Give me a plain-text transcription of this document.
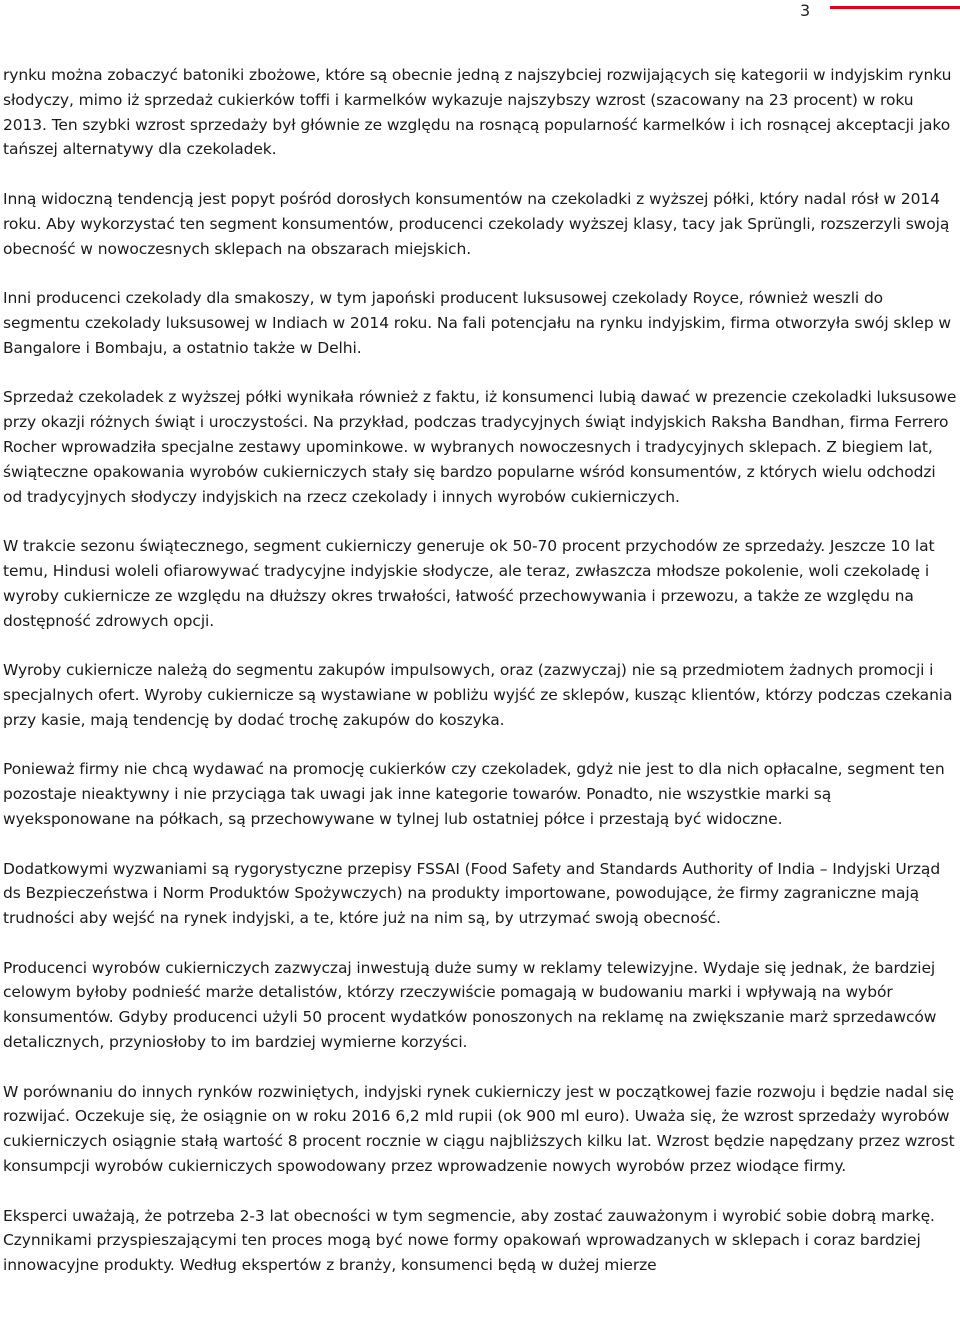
3

rynku można zobaczyć batoniki zbożowe, które są obecnie jedną z najszybciej rozwijających się kategorii w indyjskim rynku słodyczy, mimo iż sprzedaż cukierków toffi i karmelków wykazuje najszybszy wzrost (szacowany na 23 procent) w roku 2013. Ten szybki wzrost sprzedaży był głównie ze względu na rosnącą popularność karmelków i ich rosnącej akceptacji jako tańszej alternatywy dla czekoladek.

Inną widoczną tendencją jest popyt pośród dorosłych konsumentów na czekoladki z wyższej półki, który nadal rósł w 2014 roku. Aby wykorzystać ten segment konsumentów, producenci czekolady wyższej klasy, tacy jak Sprüngli, rozszerzyli swoją obecność w nowoczesnych sklepach na obszarach miejskich.

Inni producenci czekolady dla smakoszy, w tym japoński producent luksusowej czekolady Royce, również weszli do segmentu czekolady luksusowej w Indiach w 2014 roku. Na fali potencjału na rynku indyjskim, firma otworzyła swój sklep w Bangalore i Bombaju, a ostatnio także w Delhi.

Sprzedaż czekoladek z wyższej półki wynikała również z faktu, iż konsumenci lubią dawać w prezencie czekoladki luksusowe przy okazji różnych świąt i uroczystości. Na przykład, podczas tradycyjnych świąt indyjskich Raksha Bandhan, firma Ferrero Rocher wprowadziła specjalne zestawy upominkowe. w wybranych nowoczesnych i tradycyjnych sklepach. Z biegiem lat, świąteczne opakowania wyrobów cukierniczych stały się bardzo popularne wśród konsumentów, z których wielu odchodzi od tradycyjnych słodyczy indyjskich na rzecz czekolady i innych wyrobów cukierniczych.

W trakcie sezonu świątecznego, segment cukierniczy generuje ok 50-70 procent przychodów ze sprzedaży. Jeszcze 10 lat temu, Hindusi woleli ofiarowywać tradycyjne indyjskie słodycze, ale teraz, zwłaszcza młodsze pokolenie, woli czekoladę i wyroby cukiernicze ze względu na dłuższy okres trwałości, łatwość przechowywania i przewozu, a także ze względu na dostępność zdrowych opcji.

Wyroby cukiernicze należą do segmentu zakupów impulsowych, oraz (zazwyczaj) nie są przedmiotem żadnych promocji i specjalnych ofert. Wyroby cukiernicze są wystawiane w pobliżu wyjść ze sklepów, kusząc klientów, którzy podczas czekania przy kasie, mają tendencję by dodać trochę zakupów do koszyka.

Ponieważ firmy nie chcą wydawać na promocję cukierków czy czekoladek, gdyż nie jest to dla nich opłacalne, segment ten pozostaje nieaktywny i nie przyciąga tak uwagi jak inne kategorie towarów. Ponadto, nie wszystkie marki są wyeksponowane na półkach, są przechowywane w tylnej lub ostatniej półce i przestają być widoczne.

Dodatkowymi wyzwaniami są rygorystyczne przepisy FSSAI (Food Safety and Standards Authority of India – Indyjski Urząd ds Bezpieczeństwa i Norm Produktów Spożywczych) na produkty importowane, powodujące, że firmy zagraniczne mają trudności aby wejść na rynek indyjski, a te, które już na nim są, by utrzymać swoją obecność.

Producenci wyrobów cukierniczych zazwyczaj inwestują duże sumy w reklamy telewizyjne. Wydaje się jednak, że bardziej celowym byłoby podnieść marże detalistów, którzy rzeczywiście pomagają w budowaniu marki i wpływają na wybór konsumentów. Gdyby producenci użyli 50 procent wydatków ponoszonych na reklamę na zwiększanie marż sprzedawców detalicznych, przyniosłoby to im bardziej wymierne korzyści.

W porównaniu do innych rynków rozwiniętych, indyjski rynek cukierniczy jest w początkowej fazie rozwoju i będzie nadal się rozwijać. Oczekuje się, że osiągnie on w roku 2016 6,2 mld rupii (ok 900 ml euro). Uważa się, że wzrost sprzedaży wyrobów cukierniczych osiągnie stałą wartość 8 procent rocznie w ciągu najbliższych kilku lat. Wzrost będzie napędzany przez wzrost konsumpcji wyrobów cukierniczych spowodowany przez wprowadzenie nowych wyrobów przez wiodące firmy.

Eksperci uważają, że potrzeba 2-3 lat obecności w tym segmencie, aby zostać zauważonym i wyrobić sobie dobrą markę. Czynnikami przyspieszającymi ten proces mogą być nowe formy opakowań wprowadzanych w sklepach i coraz bardziej innowacyjne produkty. Według ekspertów z branży, konsumenci będą w dużej mierze
